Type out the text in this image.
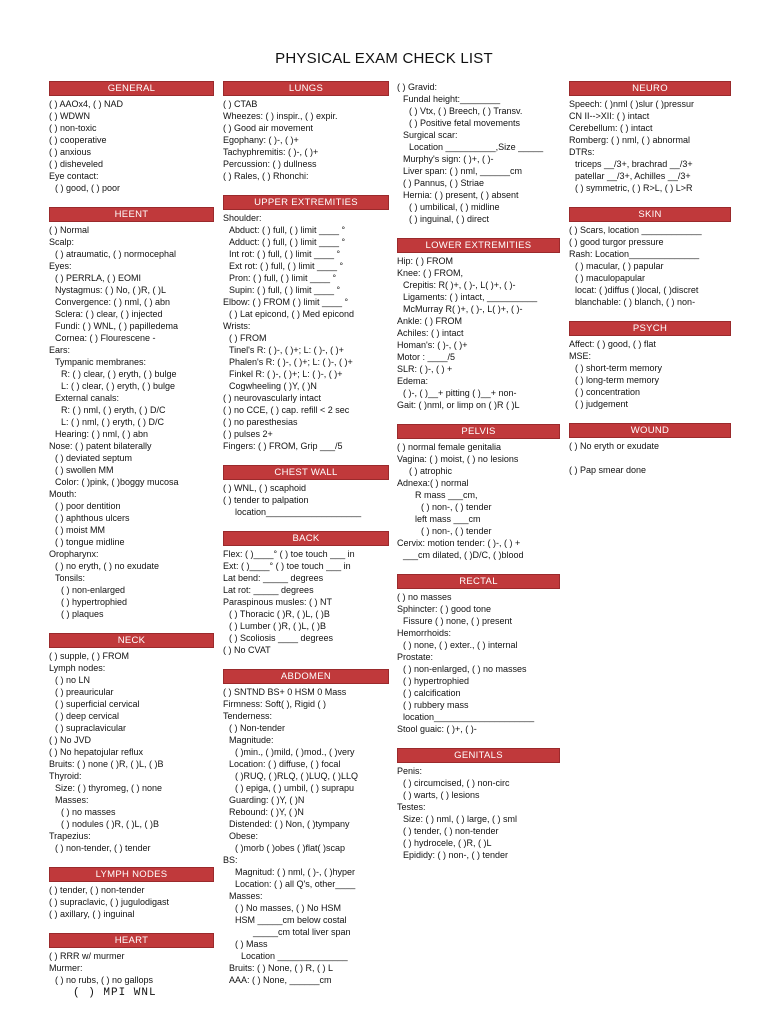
PHYSICAL EXAM CHECK LIST
GENERAL
( ) AAOx4, ( ) NAD
( ) WDWN
( ) non-toxic
( ) cooperative
( ) anxious
( ) disheveled
Eye contact:
( ) good, ( ) poor
HEENT
( ) Normal
Scalp:
( ) atraumatic, ( ) normocephal
Eyes:
( ) PERRLA, ( ) EOMI
Nystagmus: ( ) No, ( )R, ( )L
Convergence: ( ) nml, ( ) abn
Sclera: ( ) clear, ( ) injected
Fundi: ( ) WNL, ( ) papilledema
Cornea: ( ) Flourescene -
Ears:
Tympanic membranes:
R: ( ) clear, ( ) eryth, ( ) bulge
L: ( ) clear, ( ) eryth, ( ) bulge
External canals:
R: ( ) nml, ( ) eryth, ( ) D/C
L: ( ) nml, ( ) eryth, ( ) D/C
Hearing: ( ) nml, ( ) abn
Nose: ( ) patent bilaterally
( ) deviated septum
( ) swollen MM
Color: ( )pink, ( )boggy mucosa
Mouth:
( ) poor dentition
( ) aphthous ulcers
( ) moist MM
( ) tongue midline
Oropharynx:
( ) no eryth, ( ) no exudate
Tonsils:
( ) non-enlarged
( ) hypertrophied
( ) plaques
NECK
( ) supple, ( ) FROM
Lymph nodes:
( ) no LN
( ) preauricular
( ) superficial cervical
( ) deep cervical
( ) supraclavicular
( ) No JVD
( ) No hepatojular reflux
Bruits: ( ) none ( )R, ( )L, ( )B
Thyroid:
Size: ( ) thyromeg, ( ) none
Masses:
( ) no masses
( ) nodules ( )R, ( )L, ( )B
Trapezius:
( ) non-tender, ( ) tender
LYMPH NODES
( ) tender, ( ) non-tender
( ) supraclavic, ( ) jugulodigast
( ) axillary, ( ) inguinal
HEART
( ) RRR w/ murmer
Murmer:
( ) no rubs, ( ) no gallops
( ) MPI WNL
LUNGS
( ) CTAB
Wheezes: ( ) inspir., ( ) expir.
( ) Good air movement
Egophany: ( )-, ( )+
Tachyphremitis: ( )-, ( )+
Percussion: ( ) dullness
( ) Rales, ( ) Rhonchi:
UPPER EXTREMITIES
Shoulder:
Abduct: ( ) full, ( ) limit ____ °
Adduct: ( ) full, ( ) limit ____ °
Int rot: ( ) full, ( ) limit ____ °
Ext rot: ( ) full, ( ) limit ____ °
Pron: ( ) full, ( ) limit ____ °
Supin: ( ) full, ( ) limit ____ °
Elbow: ( ) FROM ( ) limit ____ °
( ) Lat epicond, ( ) Med epicond
Wrists:
( ) FROM
Tinel's R: ( )-, ( )+; L: ( )-, ( )+
Phalen's R: ( )-, ( )+; L: ( )-, ( )+
Finkel R: ( )-, ( )+; L: ( )-, ( )+
Cogwheeling ( )Y, ( )N
( ) neurovascularly intact
( ) no CCE, ( ) cap. refill < 2 sec
( ) no paresthesias
( ) pulses 2+
Fingers: ( ) FROM, Grip ___/5
CHEST WALL
( ) WNL, ( ) scaphoid
( ) tender to palpation
location___________________
BACK
Flex: ( )____° ( ) toe touch ___ in
Ext: ( )____° ( ) toe touch ___ in
Lat bend: _____ degrees
Lat rot: _____ degrees
Paraspinous musles: ( ) NT
( ) Thoracic ( )R, ( )L, ( )B
( ) Lumber ( )R, ( )L, ( )B
( ) Scoliosis ____ degrees
( ) No CVAT
ABDOMEN
( ) SNTND BS+ 0 HSM 0 Mass
Firmness: Soft( ), Rigid ( )
Tenderness:
( ) Non-tender
Magnitude:
( )min., ( )mild, ( )mod., ( )very
Location: ( ) diffuse, ( ) focal
( )RUQ, ( )RLQ, ( )LUQ, ( )LLQ
( ) epiga, ( ) umbil, ( ) suprapu
Guarding: ( )Y, ( )N
Rebound: ( )Y, ( )N
Distended: ( ) Non, ( )tympany
Obese:
( )morb ( )obes ( )flat( )scap
BS:
Magnitud: ( ) nml, ( )-, ( )hyper
Location: ( ) all Q's, other____
Masses:
( ) No masses, ( ) No HSM
HSM _____cm below costal
_____cm total liver span
( ) Mass
Location ______________
Bruits: ( ) None, ( ) R, ( ) L
AAA: ( ) None, ______cm
( ) Gravid:
Fundal height:________
( ) Vtx, ( ) Breech, ( ) Transv.
( ) Positive fetal movements
Surgical scar:
Location __________,Size _____
Murphy's sign: ( )+, ( )-
Liver span: ( ) nml, ______cm
( ) Pannus, ( ) Striae
Hernia: ( ) present, ( ) absent
( ) umbilical, ( ) midline
( ) inguinal, ( ) direct
LOWER EXTREMITIES
Hip: ( ) FROM
Knee: ( ) FROM,
Crepitis: R( )+, ( )-, L( )+, ( )-
Ligaments: ( ) intact, __________
McMurray R( )+, ( )-, L( )+, ( )-
Ankle: ( ) FROM
Achiles: ( ) intact
Homan's: ( )-, ( )+
Motor : ____/5
SLR: ( )-, ( ) +
Edema:
( )-, ( )__+ pitting ( )__+ non-
Gait: ( )nml, or limp on ( )R ( )L
PELVIS
( ) normal female genitalia
Vagina: ( ) moist, ( ) no lesions
( ) atrophic
Adnexa:( ) normal
R mass ___cm,
( ) non-, ( ) tender
left mass ___cm
( ) non-, ( ) tender
Cervix: motion tender: ( )-, ( ) +
___cm dilated, ( )D/C, ( )blood
RECTAL
( ) no masses
Sphincter: ( ) good tone
Fissure ( ) none, ( ) present
Hemorrhoids:
( ) none, ( ) exter., ( ) internal
Prostate:
( ) non-enlarged, ( ) no masses
( ) hypertrophied
( ) calcification
( ) rubbery mass
location____________________
Stool guaic: ( )+, ( )-
GENITALS
Penis:
( ) circumcised, ( ) non-circ
( ) warts, ( ) lesions
Testes:
Size: ( ) nml, ( ) large, ( ) sml
( ) tender, ( ) non-tender
( ) hydrocele, ( )R, ( )L
Epididy: ( ) non-, ( ) tender
NEURO
Speech: ( )nml ( )slur ( )pressur
CN II-->XII: ( ) intact
Cerebellum: ( ) intact
Romberg: ( ) nml, ( ) abnormal
DTRs:
triceps __/3+, brachrad __/3+
patellar __/3+, Achilles __/3+
( ) symmetric, ( ) R>L, ( ) L>R
SKIN
( ) Scars, location ____________
( ) good turgor pressure
Rash: Location______________
( ) macular, ( ) papular
( ) maculopapular
locat: ( )diffus ( )local, ( )discret
blanchable: ( ) blanch, ( ) non-
PSYCH
Affect: ( ) good, ( ) flat
MSE:
( ) short-term memory
( ) long-term memory
( ) concentration
( ) judgement
WOUND
( ) No eryth or exudate

( ) Pap smear done
